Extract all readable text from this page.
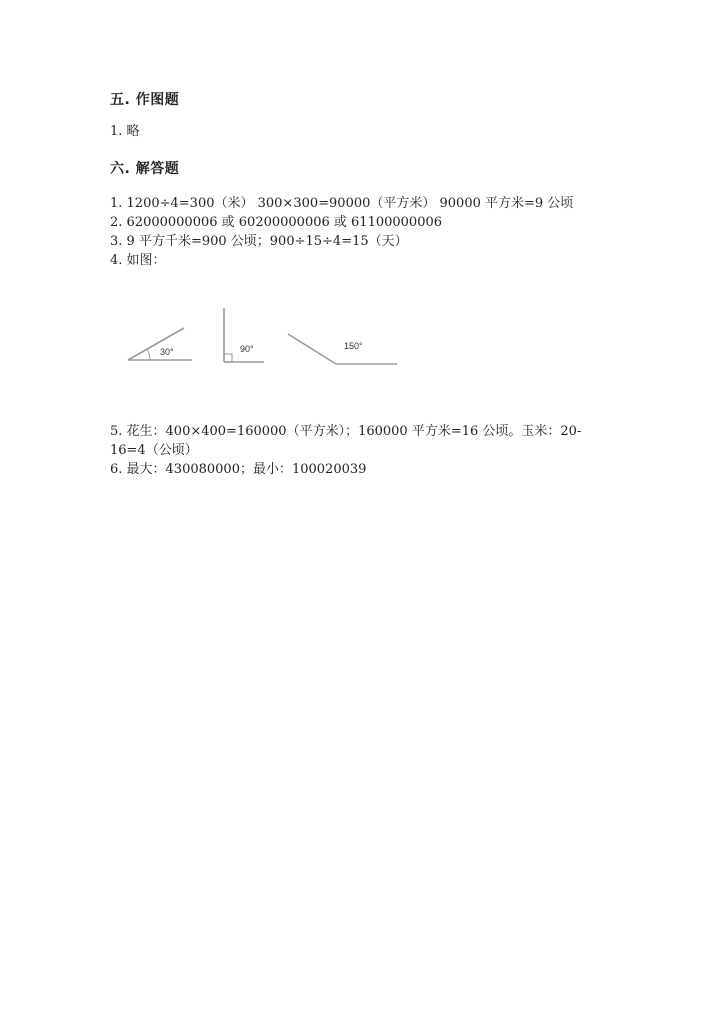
五. 作图题
1. 略
六. 解答题
1. 1200÷4=300（米） 300×300=90000（平方米） 90000 平方米=9 公顷
2. 62000000006 或 60200000006 或 61100000006
3. 9 平方千米=900 公顷；900÷15÷4=15（天）
4. 如图：
30°	90°	150°
5. 花生：400×400=160000（平方米）；160000 平方米=16 公顷。玉米：20-
16=4（公顷）
6. 最大：430080000；最小：100020039
